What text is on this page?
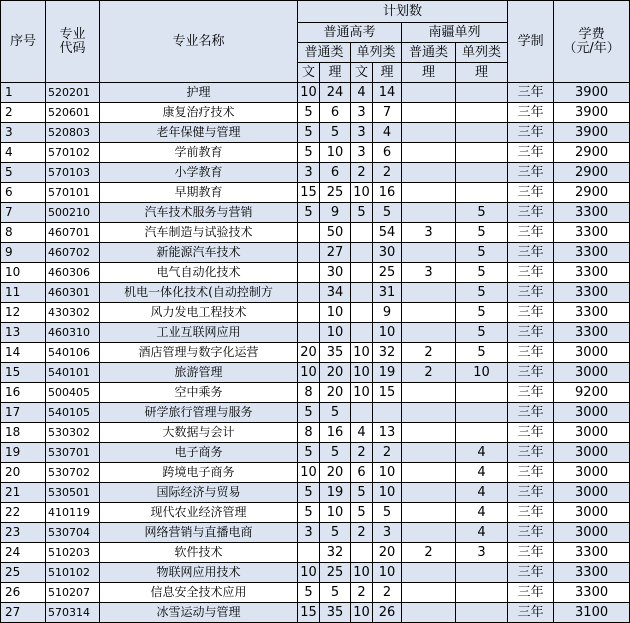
序号	专业
代码	专业名称	计划数						学制	学费
（元/年）
			普通高考				南疆单列			
			普通类		单列类		普通类	单列类		
			文	理	文	理	理	理		
1	520201	护理	10	24	4	14			三年	3900
2	520601	康复治疗技术	5	6	3	7			三年	3900
3	520803	老年保健与管理	5	5	3	4			三年	3900
4	570102	学前教育	5	10	3	6			三年	2900
5	570103	小学教育	3	6	2	2			三年	2900
6	570101	早期教育	15	25	10	16			三年	2900
7	500210	汽车技术服务与营销	5	9	5	5		5	三年	3300
8	460701	汽车制造与试验技术		50		54	3	5	三年	3300
9	460702	新能源汽车技术		27		30		5	三年	3300
10	460306	电气自动化技术		30		25	3	5	三年	3300
11	460301	机电一体化技术(自动控制方		34		31		5	三年	3300
12	430302	风力发电工程技术		10		9		5	三年	3300
13	460310	工业互联网应用		10		10		5	三年	3300
14	540106	酒店管理与数字化运营	20	35	10	32	2	5	三年	3000
15	540101	旅游管理	10	20	10	19	2	10	三年	3000
16	500405	空中乘务	8	20	10	15			三年	9200
17	540105	研学旅行管理与服务	5	5					三年	3000
18	530302	大数据与会计	8	16	4	13			三年	3000
19	530701	电子商务	5	5	2	2		4	三年	3000
20	530702	跨境电子商务	10	20	6	10		4	三年	3000
21	530501	国际经济与贸易	5	19	5	10		4	三年	3000
22	410119	现代农业经济管理	5	10	5	5		4	三年	3000
23	530704	网络营销与直播电商	3	5	2	3		4	三年	3000
24	510203	软件技术		32		20	2	3	三年	3300
25	510102	物联网应用技术	10	25	10	10			三年	3300
26	510207	信息安全技术应用	5	5	2	2			三年	3300
27	570314	冰雪运动与管理	15	35	10	26			三年	3100
